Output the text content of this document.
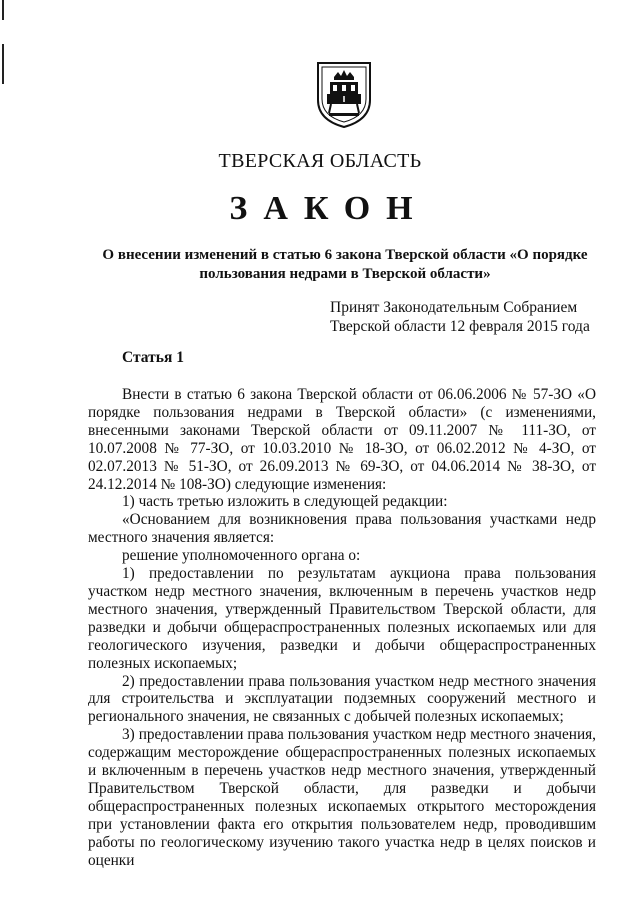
ТВЕРСКАЯ ОБЛАСТЬ
ЗАКОН
О внесении изменений в статью 6 закона Тверской области «О порядке
пользования недрами в Тверской области»
Принят Законодательным Собранием
Тверской области 12 февраля 2015 года
Статья 1

Внести в статью 6 закона Тверской области от 06.06.2006 № 57-ЗО «О порядке пользования недрами в Тверской области» (с изменениями, внесенными законами Тверской области от 09.11.2007 № 111-ЗО, от 10.07.2008 № 77-ЗО, от 10.03.2010 № 18-ЗО, от 06.02.2012 № 4-ЗО, от 02.07.2013 № 51-ЗО, от 26.09.2013 № 69-ЗО, от 04.06.2014 № 38-ЗО, от 24.12.2014 № 108-ЗО) следующие изменения:

1) часть третью изложить в следующей редакции:

«Основанием для возникновения права пользования участками недр местного значения является:

решение уполномоченного органа о:

1) предоставлении по результатам аукциона права пользования участком недр местного значения, включенным в перечень участков недр местного значения, утвержденный Правительством Тверской области, для разведки и добычи общераспространенных полезных ископаемых или для геологического изучения, разведки и добычи общераспространенных полезных ископаемых;

2) предоставлении права пользования участком недр местного значения для строительства и эксплуатации подземных сооружений местного и регионального значения, не связанных с добычей полезных ископаемых;

3) предоставлении права пользования участком недр местного значения, содержащим месторождение общераспространенных полезных ископаемых и включенным в перечень участков недр местного значения, утвержденный Правительством Тверской области, для разведки и добычи общераспространенных полезных ископаемых открытого месторождения при установлении факта его открытия пользователем недр, проводившим работы по геологическому изучению такого участка недр в целях поисков и оценки
